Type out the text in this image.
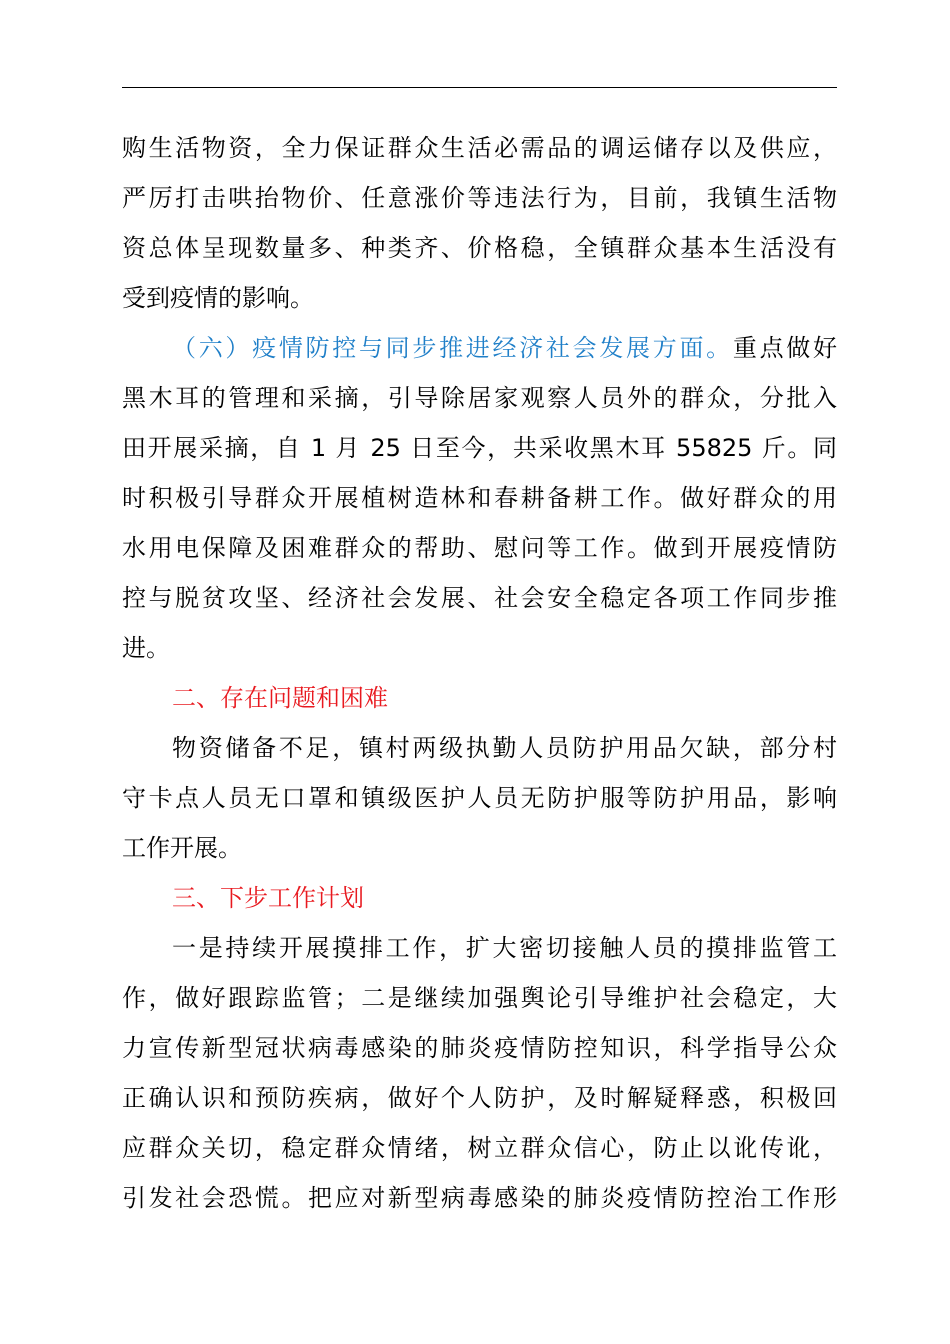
购生活物资，全力保证群众生活必需品的调运储存以及供应，
严厉打击哄抬物价、任意涨价等违法行为，目前，我镇生活物
资总体呈现数量多、种类齐、价格稳，全镇群众基本生活没有
受到疫情的影响。
（六）疫情防控与同步推进经济社会发展方面。重点做好
黑木耳的管理和采摘，引导除居家观察人员外的群众，分批入
田开展采摘，自 1 月 25 日至今，共采收黑木耳 55825 斤。同
时积极引导群众开展植树造林和春耕备耕工作。做好群众的用
水用电保障及困难群众的帮助、慰问等工作。做到开展疫情防
控与脱贫攻坚、经济社会发展、社会安全稳定各项工作同步推
进。
二、存在问题和困难
物资储备不足，镇村两级执勤人员防护用品欠缺，部分村
守卡点人员无口罩和镇级医护人员无防护服等防护用品，影响
工作开展。
三、下步工作计划
一是持续开展摸排工作，扩大密切接触人员的摸排监管工
作，做好跟踪监管；二是继续加强舆论引导维护社会稳定，大
力宣传新型冠状病毒感染的肺炎疫情防控知识，科学指导公众
正确认识和预防疾病，做好个人防护，及时解疑释惑，积极回
应群众关切，稳定群众情绪，树立群众信心，防止以讹传讹，
引发社会恐慌。把应对新型病毒感染的肺炎疫情防控治工作形
